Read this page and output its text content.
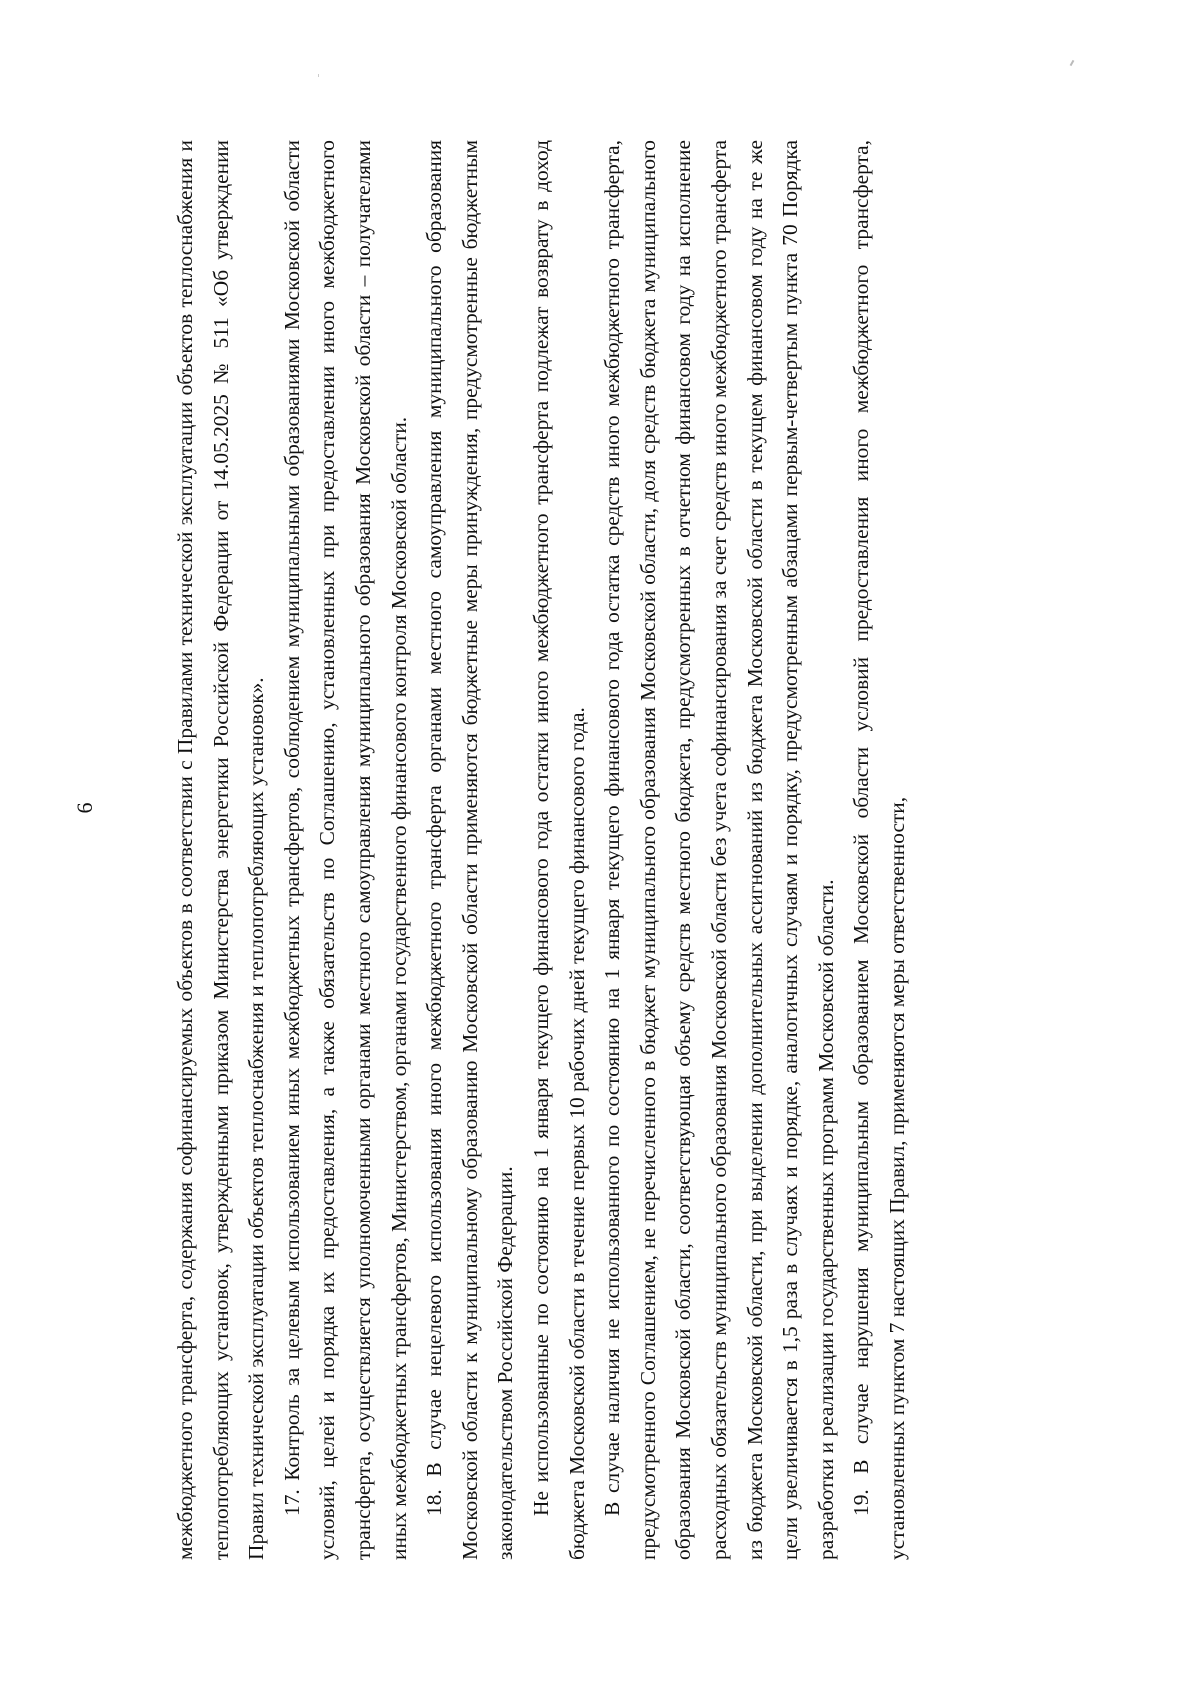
6	межбюджетного трансферта, содержания софинансируемых объектов в соответствии с Правилами технической эксплуатации объектов теплоснабжения и теплопотребляющих установок, утвержденными приказом Министерства энергетики Российской Федерации от 14.05.2025 № 511 «Об утверждении Правил технической эксплуатации объектов теплоснабжения и теплопотребляющих установок». 17. Контроль за целевым использованием иных межбюджетных трансфертов, соблюдением муниципальными образованиями Московской области условий, целей и порядка их предоставления, а также обязательств по Соглашению, установленных при предоставлении иного межбюджетного трансферта, осуществляется уполномоченными органами местного самоуправления муниципального образования Московской области – получателями иных межбюджетных трансфертов, Министерством, органами государственного финансового контроля Московской области. 18. В случае нецелевого использования иного межбюджетного трансферта органами местного самоуправления муниципального образования Московской области к муниципальному образованию Московской области применяются бюджетные меры принуждения, предусмотренные бюджетным законодательством Российской Федерации. Не использованные по состоянию на 1 января текущего финансового года остатки иного межбюджетного трансферта подлежат возврату в доход бюджета Московской области в течение первых 10 рабочих дней текущего финансового года. В случае наличия не использованного по состоянию на 1 января текущего финансового года остатка средств иного межбюджетного трансферта, предусмотренного Соглашением, не перечисленного в бюджет муниципального образования Московской области, доля средств бюджета муниципального образования Московской области, соответствующая объему средств местного бюджета, предусмотренных в отчетном финансовом году на исполнение расходных обязательств муниципального образования Московской области без учета софинансирования за счет средств иного межбюджетного трансферта из бюджета Московской области, при выделении дополнительных ассигнований из бюджета Московской области в текущем финансовом году на те же цели увеличивается в 1,5 раза в случаях и порядке, аналогичных случаям и порядку, предусмотренным абзацами первым-четвертым пункта 70 Порядка разработки и реализации государственных программ Московской области. 19. В случае нарушения муниципальным образованием Московской области условий предоставления иного межбюджетного трансферта, установленных пунктом 7 настоящих Правил, применяются меры ответственности,
